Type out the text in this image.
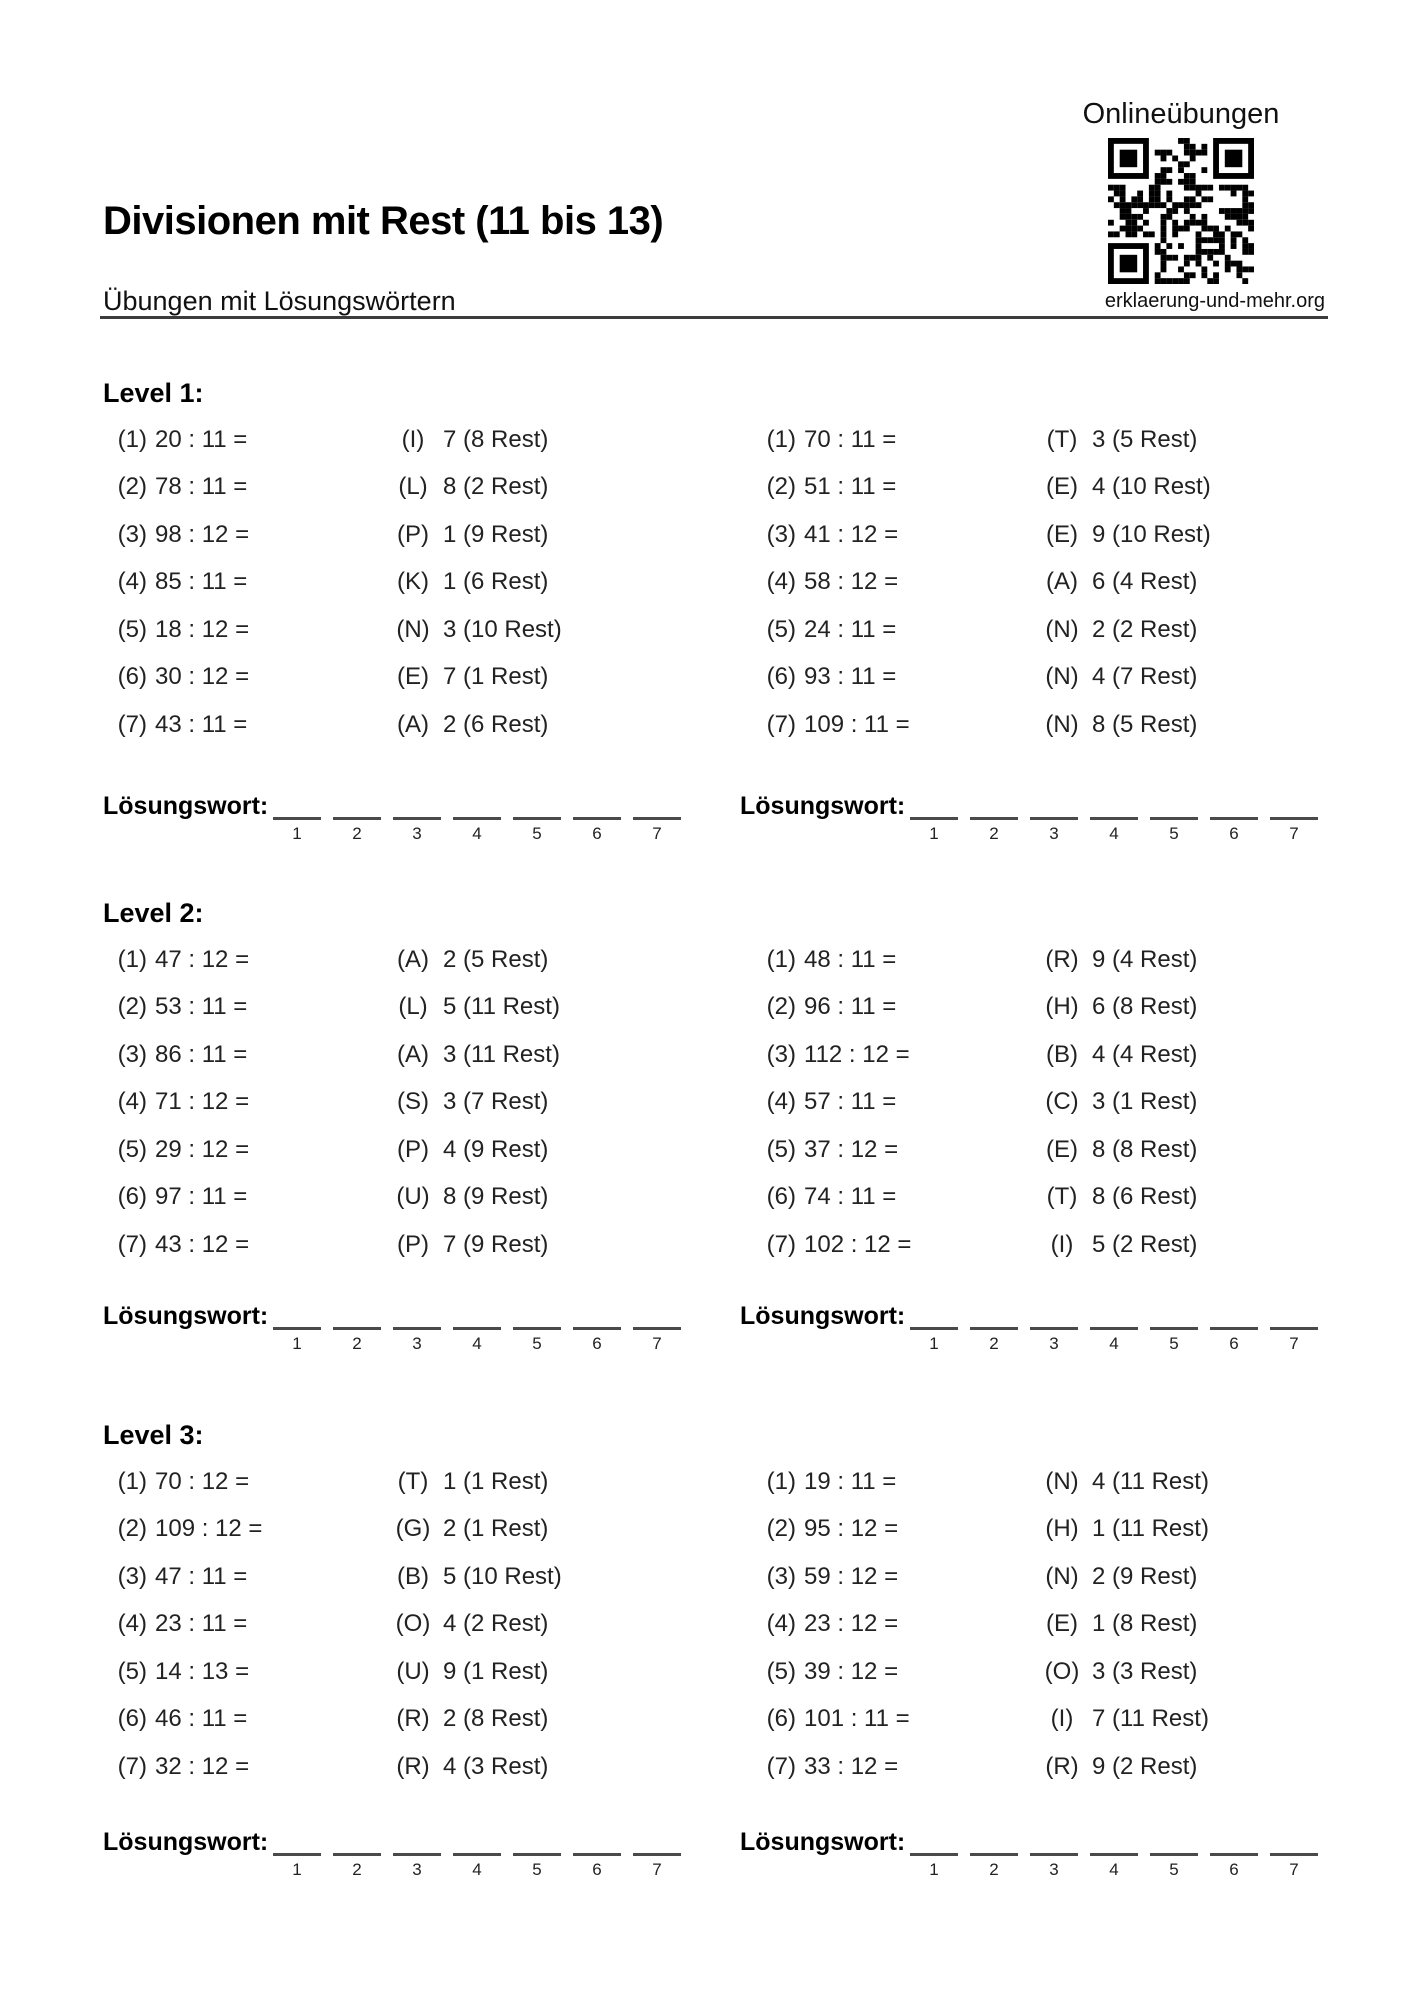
Onlineübungen
Divisionen mit Rest (11 bis 13)
Übungen mit Lösungswörtern	erklaerung-und-mehr.org
Level 1:
(1) 20 : 11 =	(I) 7 (8 Rest)	(1) 70 : 11 =	(T) 3 (5 Rest)
(2) 78 : 11 =	(L) 8 (2 Rest)	(2) 51 : 11 =	(E) 4 (10 Rest)
(3) 98 : 12 =	(P) 1 (9 Rest)	(3) 41 : 12 =	(E) 9 (10 Rest)
(4) 85 : 11 =	(K) 1 (6 Rest)	(4) 58 : 12 =	(A) 6 (4 Rest)
(5) 18 : 12 =	(N) 3 (10 Rest)	(5) 24 : 11 =	(N) 2 (2 Rest)
(6) 30 : 12 =	(E) 7 (1 Rest)	(6) 93 : 11 =	(N) 4 (7 Rest)
(7) 43 : 11 =	(A) 2 (6 Rest)	(7) 109 : 11 =	(N) 8 (5 Rest)
Level 2:
(1) 47 : 12 =	(A) 2 (5 Rest)	(1) 48 : 11 =	(R) 9 (4 Rest)
(2) 53 : 11 =	(L) 5 (11 Rest)	(2) 96 : 11 =	(H) 6 (8 Rest)
(3) 86 : 11 =	(A) 3 (11 Rest)	(3) 112 : 12 =	(B) 4 (4 Rest)
(4) 71 : 12 =	(S) 3 (7 Rest)	(4) 57 : 11 =	(C) 3 (1 Rest)
(5) 29 : 12 =	(P) 4 (9 Rest)	(5) 37 : 12 =	(E) 8 (8 Rest)
(6) 97 : 11 =	(U) 8 (9 Rest)	(6) 74 : 11 =	(T) 8 (6 Rest)
(7) 43 : 12 =	(P) 7 (9 Rest)	(7) 102 : 12 =	(I) 5 (2 Rest)
Level 3:
(1) 70 : 12 =	(T) 1 (1 Rest)	(1) 19 : 11 =	(N) 4 (11 Rest)
(2) 109 : 12 =	(G) 2 (1 Rest)	(2) 95 : 12 =	(H) 1 (11 Rest)
(3) 47 : 11 =	(B) 5 (10 Rest)	(3) 59 : 12 =	(N) 2 (9 Rest)
(4) 23 : 11 =	(O) 4 (2 Rest)	(4) 23 : 12 =	(E) 1 (8 Rest)
(5) 14 : 13 =	(U) 9 (1 Rest)	(5) 39 : 12 =	(O) 3 (3 Rest)
(6) 46 : 11 =	(R) 2 (8 Rest)	(6) 101 : 11 =	(I) 7 (11 Rest)
(7) 32 : 12 =	(R) 4 (3 Rest)	(7) 33 : 12 =	(R) 9 (2 Rest)
Lösungswort:
1	2	3	4	5	6	7
Lösungswort:
1	2	3	4	5	6	7
Lösungswort:
1	2	3	4	5	6	7
Lösungswort:
1	2	3	4	5	6	7
Lösungswort:
1	2	3	4	5	6	7
Lösungswort:
1	2	3	4	5	6	7
